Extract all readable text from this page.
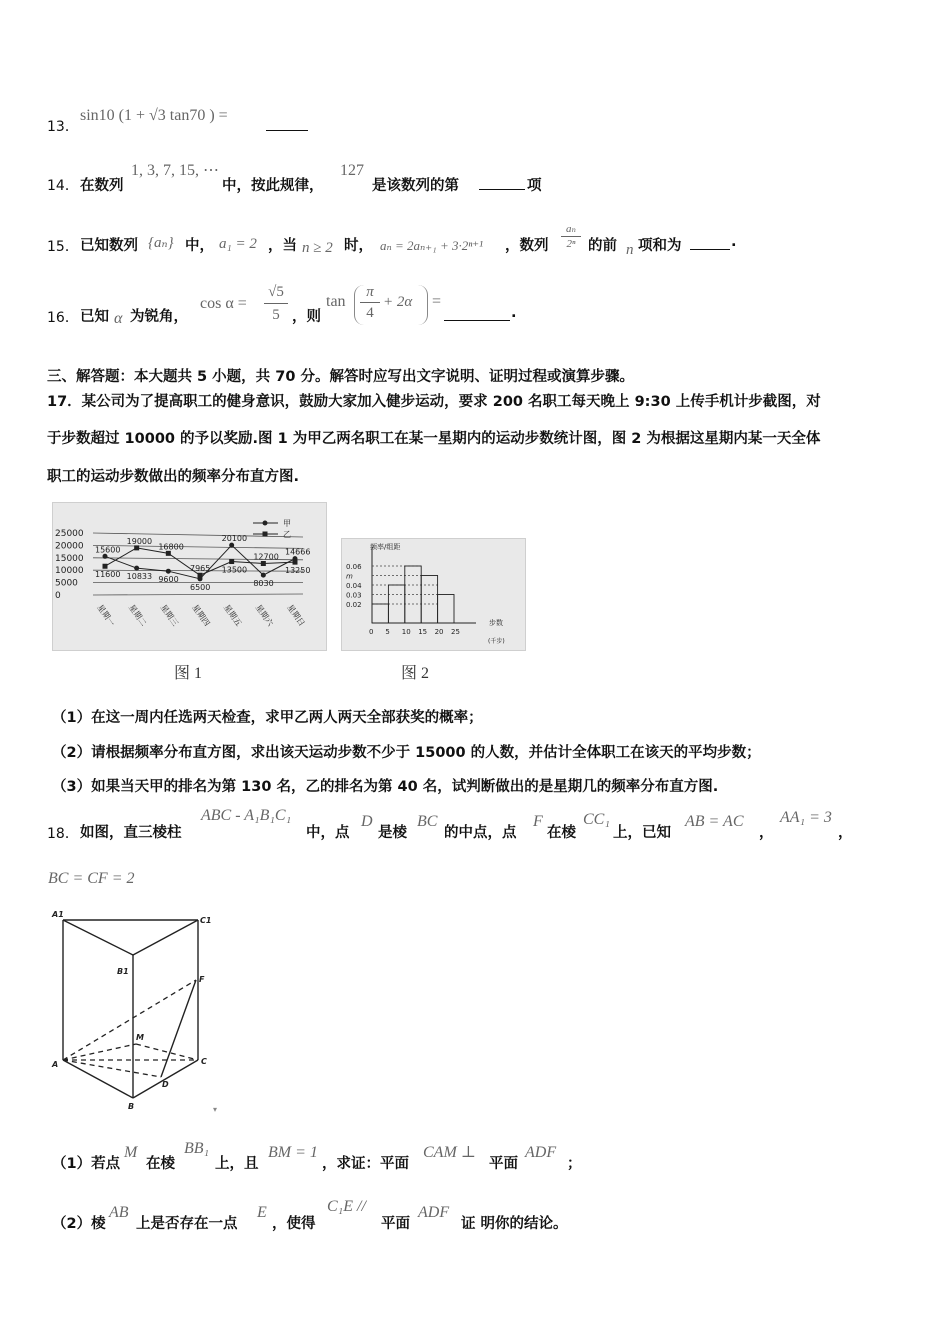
13．
sin10 (1 + √3 tan70 ) =
14． 在数列
1, 3, 7, 15, ⋯
中，按此规律，
127
是该数列的第	项
15． 已知数列 {aₙ} 中， a₁ = 2 ，当 n ≥ 2 时， aₙ = 2aₙ₊₁ + 3·2ⁿ⁺¹ ，数列
aₙ
2ⁿ 的前 n 项和为	.
16． 已知 α 为锐角，
cos α =
√5
5 ，则
tan
π
4
+ 2α =
.
三、解答题：本大题共 5 小题，共 70 分。解答时应写出文字说明、证明过程或演算步骤。
17．某公司为了提高职工的健身意识，鼓励大家加入健步运动，要求 200 名职工每天晚上 9:30 上传手机计步截图，对
于步数超过 10000 的予以奖励.图 1 为甲乙两名职工在某一星期内的运动步数统计图，图 2 为根据这星期内某一天全体
职工的运动步数做出的频率分布直方图.
25000
20000
15000
10000
5000
0
甲
乙
15600
11600
19000
10833
16800
9600
7965
6500
20100
13500
12700
8030
14666
13250
星期一 星期二 星期三 星期四 星期五 星期六 星期日
图 1
频率/组距
步数
(千步)
0.06
m
0.04
0.03
0.02
0 5 10 15 20 25
图 2
（1）在这一周内任选两天检查，求甲乙两人两天全部获奖的概率；
（2）请根据频率分布直方图，求出该天运动步数不少于 15000 的人数，并估计全体职工在该天的平均步数；
（3）如果当天甲的排名为第 130 名，乙的排名为第 40 名，试判断做出的是星期几的频率分布直方图.
18． 如图，直三棱柱
ABC - A₁B₁C₁
中，点
D
是棱
BC
的中点，点
F
在棱
CC₁
上，已知
AB = AC
，
AA₁ = 3
，
BC = CF = 2
A1
C1
B1
F
M
A	C
D
B	▾
（1）若点
M
在棱
BB₁
上，且
BM = 1
，求证：平面
CAM ⊥
平面
ADF
；
（2）棱
AB
上是否存在一点
E
，使得
C₁E //
平面
ADF
证 明你的结论。
